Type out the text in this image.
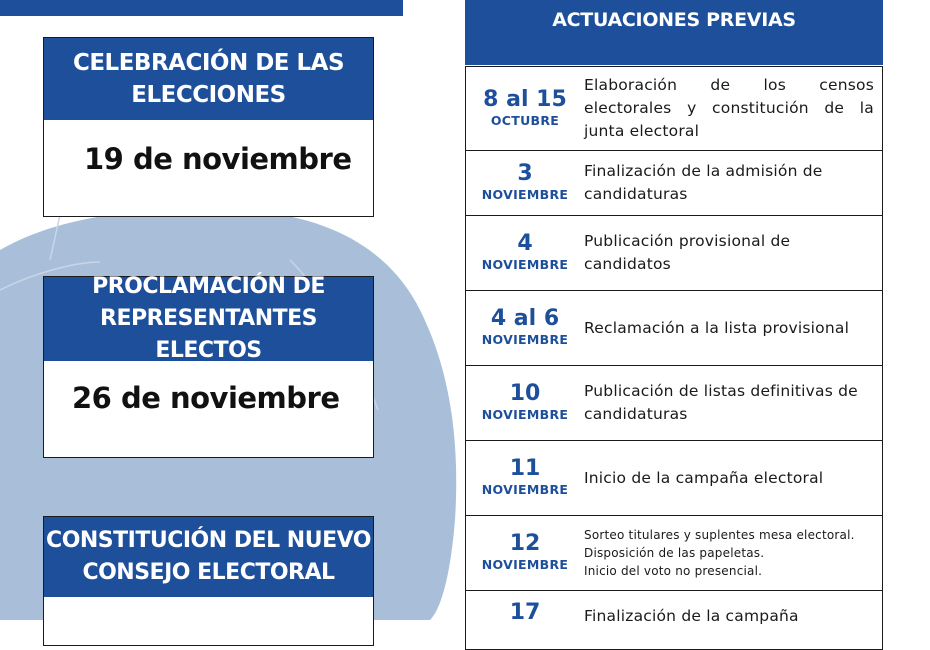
CELEBRACIÓN DE LAS
ELECCIONES
19 de noviembre
PROCLAMACIÓN DE
REPRESENTANTES ELECTOS
26 de noviembre
CONSTITUCIÓN DEL NUEVO
CONSEJO ELECTORAL
ACTUACIONES PREVIAS
8 al 15
OCTUBRE
Elaboración de los censos electorales y constitución de la junta electoral
3
NOVIEMBRE
Finalización de la admisión de candidaturas
4
NOVIEMBRE
Publicación provisional de candidatos
4 al 6
NOVIEMBRE
Reclamación a la lista provisional
10
NOVIEMBRE
Publicación de listas definitivas de candidaturas
11
NOVIEMBRE
Inicio de la campaña electoral
12
NOVIEMBRE
Sorteo titulares y suplentes mesa electoral.
Disposición de las papeletas.
Inicio del voto no presencial.
17	Finalización de la campaña
